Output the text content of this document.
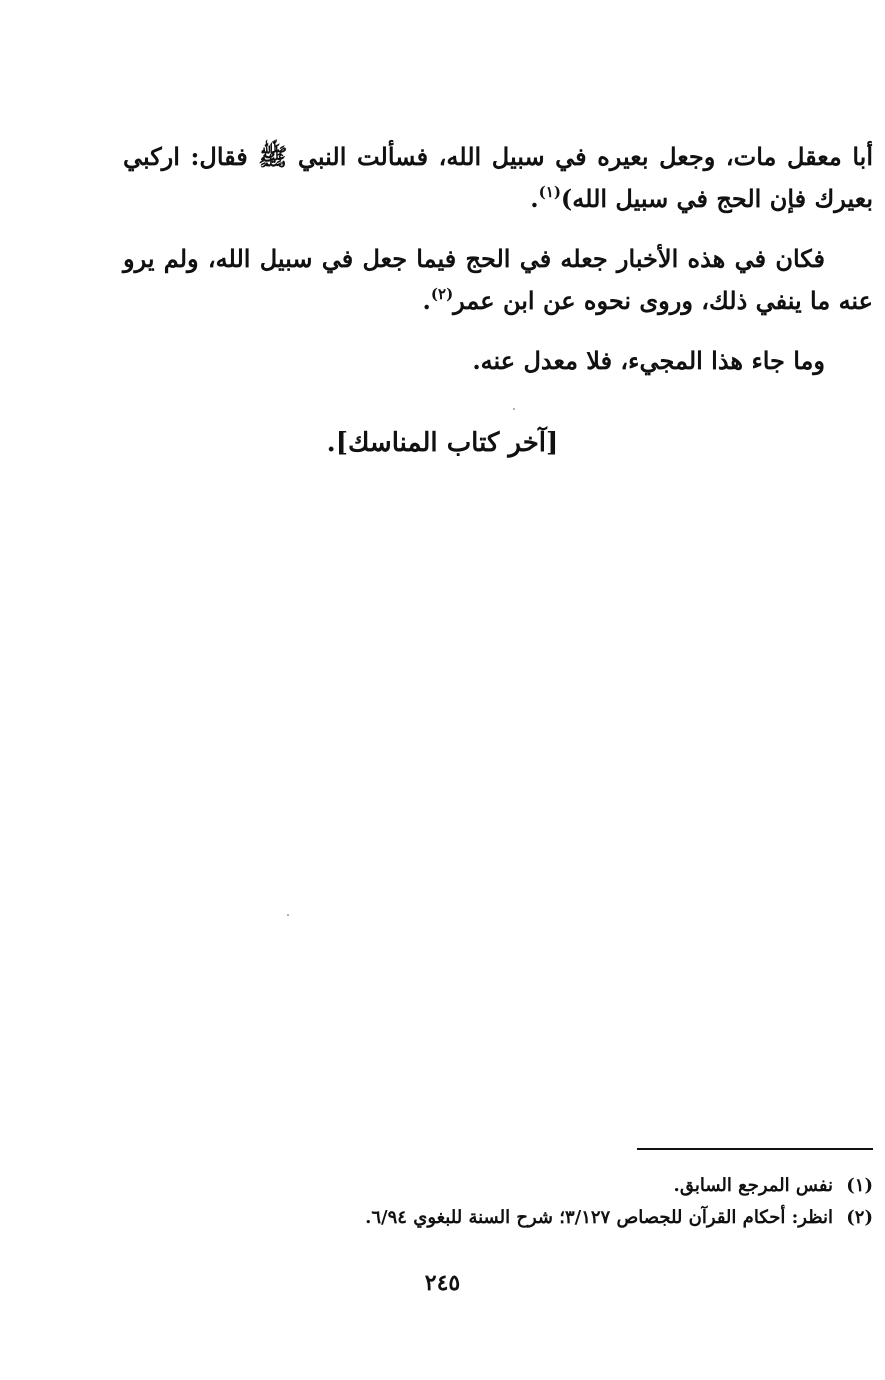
أبا معقل مات، وجعل بعيره في سبيل الله، فسألت النبي ﷺ فقال: اركبي بعيرك فإن الحج في سبيل الله)$^{(١)}$.

فكان في هذه الأخبار جعله في الحج فيما جعل في سبيل الله، ولم يرو عنه ما ينفي ذلك، وروى نحوه عن ابن عمر$^{(٢)}$.

وما جاء هذا المجيء، فلا معدل عنه.

[آخر كتاب المناسك].
(١)نفس المرجع السابق.
(٢)انظر: أحكام القرآن للجصاص ٣/١٢٧؛ شرح السنة للبغوي ٦/٩٤.
٢٤٥
